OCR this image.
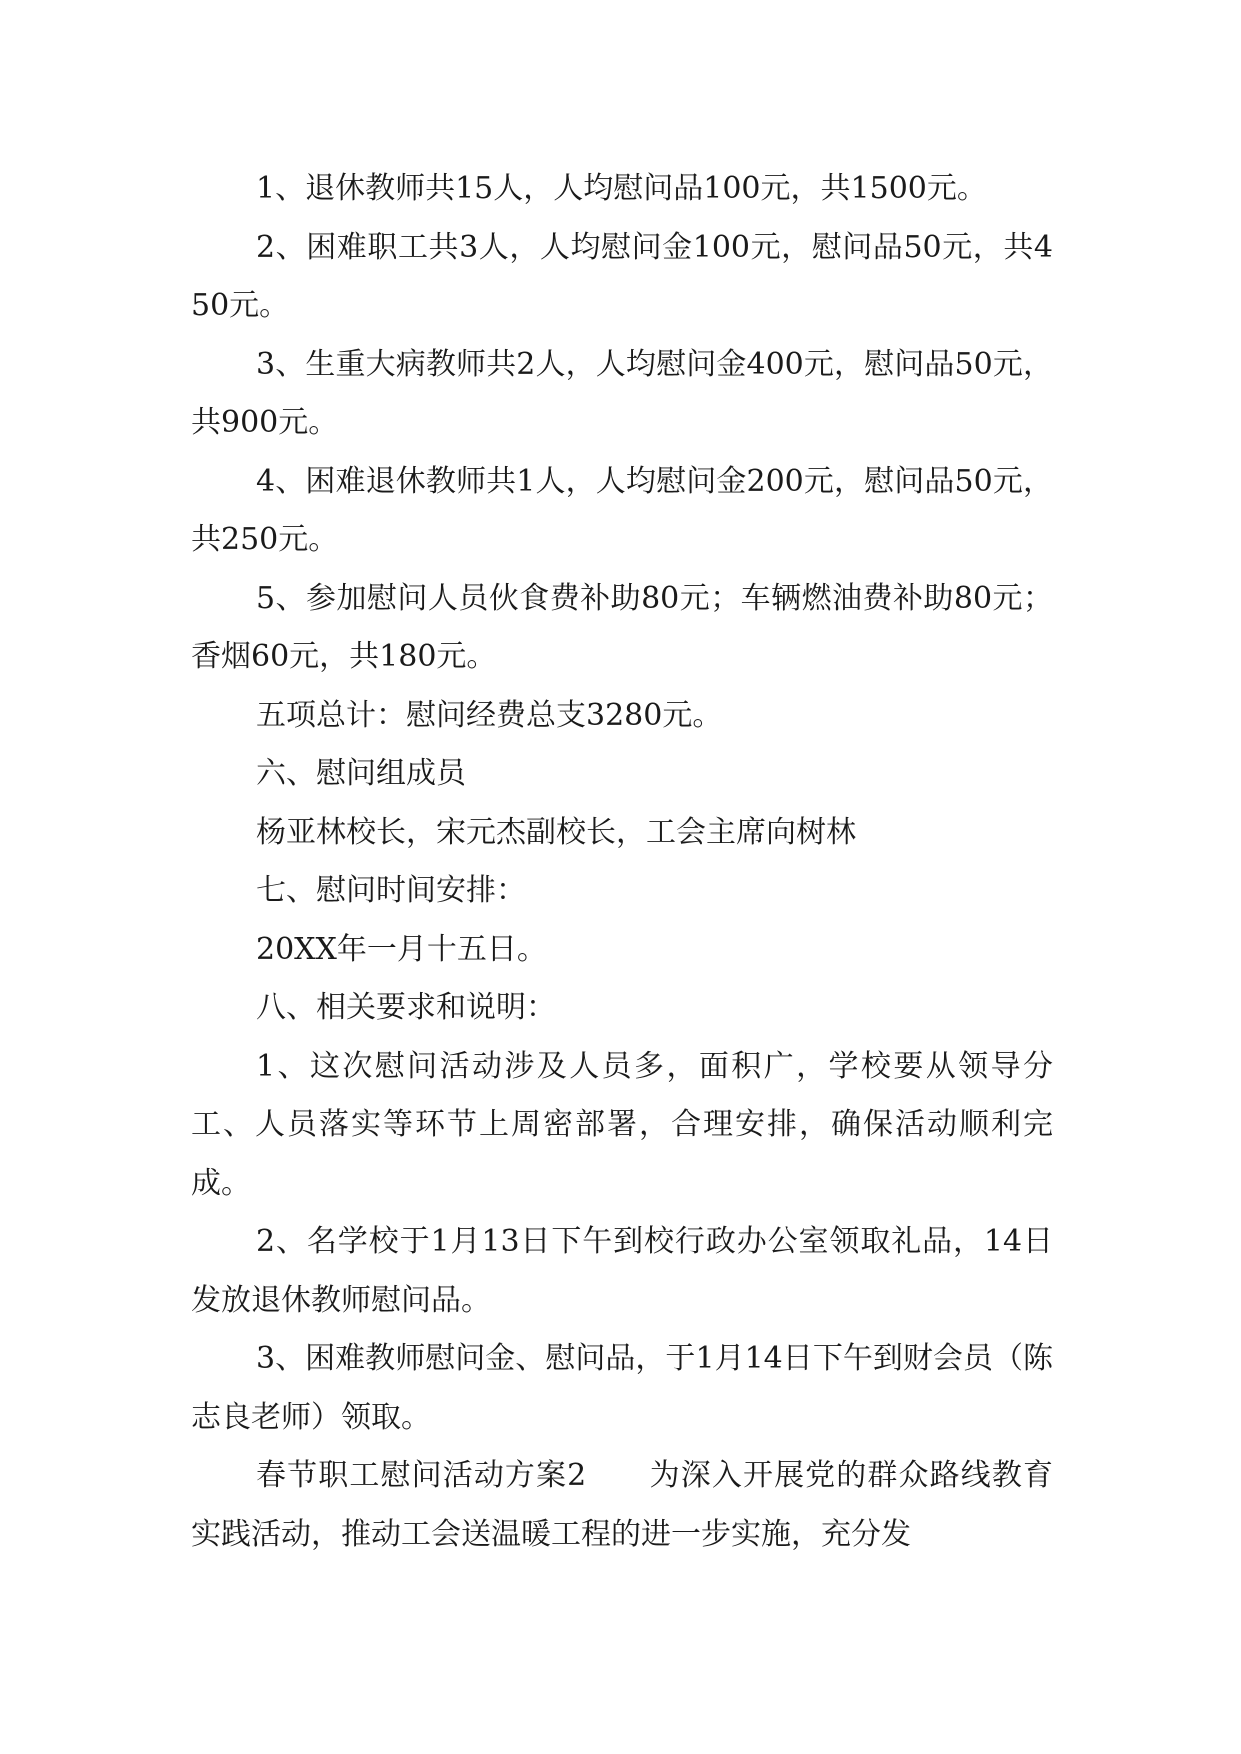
1、退休教师共15人，人均慰问品100元，共1500元。

2、困难职工共3人，人均慰问金100元，慰问品50元，共450元。

3、生重大病教师共2人，人均慰问金400元，慰问品50元，共900元。

4、困难退休教师共1人，人均慰问金200元，慰问品50元，共250元。

5、参加慰问人员伙食费补助80元；车辆燃油费补助80元；香烟60元，共180元。

五项总计：慰问经费总支3280元。

六、慰问组成员

杨亚林校长，宋元杰副校长，工会主席向树林

七、慰问时间安排：

20XX年一月十五日。

八、相关要求和说明：

1、这次慰问活动涉及人员多，面积广，学校要从领导分工、人员落实等环节上周密部署，合理安排，确保活动顺利完成。

2、名学校于1月13日下午到校行政办公室领取礼品，14日发放退休教师慰问品。

3、困难教师慰问金、慰问品，于1月14日下午到财会员（陈志良老师）领取。

春节职工慰问活动方案2　　为深入开展党的群众路线教育实践活动，推动工会送温暖工程的进一步实施，充分发
